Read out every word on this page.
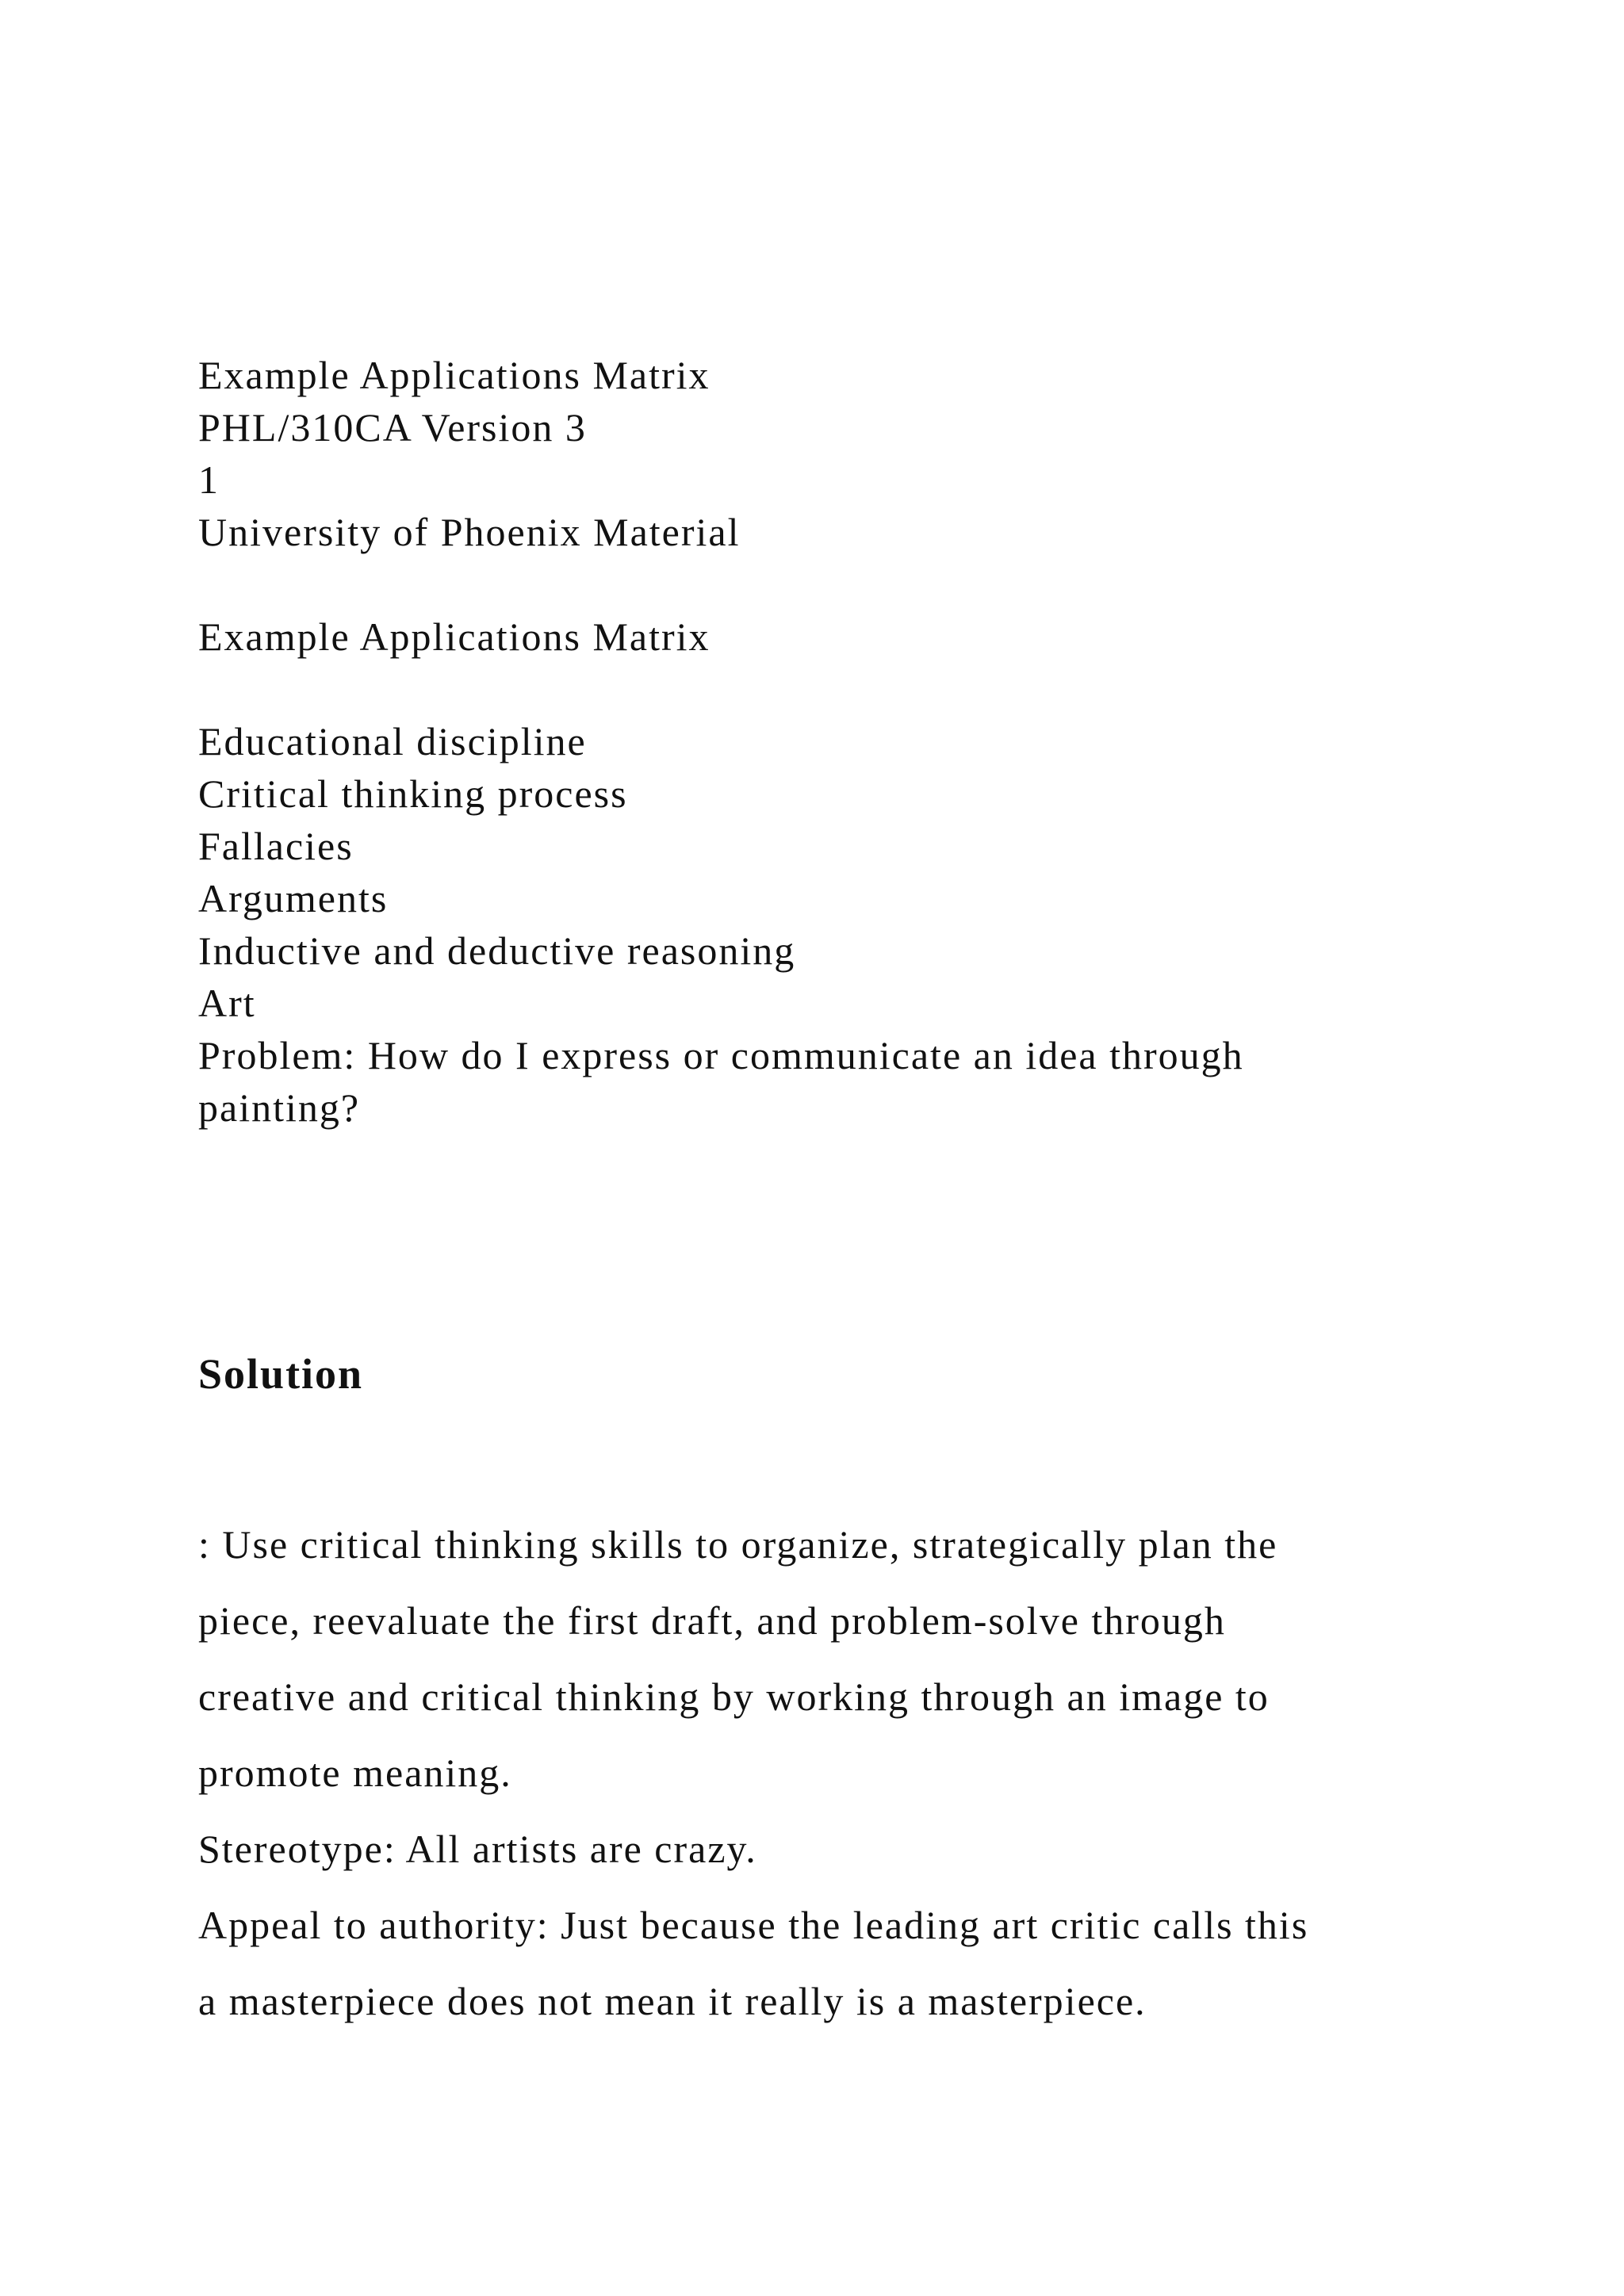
Example Applications Matrix
PHL/310CA Version 3
1
University of Phoenix Material
Example Applications Matrix
Educational discipline
Critical thinking process
Fallacies
Arguments
Inductive and deductive reasoning
Art
Problem: How do I express or communicate an idea through
painting?
Solution
: Use critical thinking skills to organize, strategically plan the
piece, reevaluate the first draft, and problem-solve through
creative and critical thinking by working through an image to
promote meaning.
Stereotype: All artists are crazy.
Appeal to authority: Just because the leading art critic calls this
a masterpiece does not mean it really is a masterpiece.
